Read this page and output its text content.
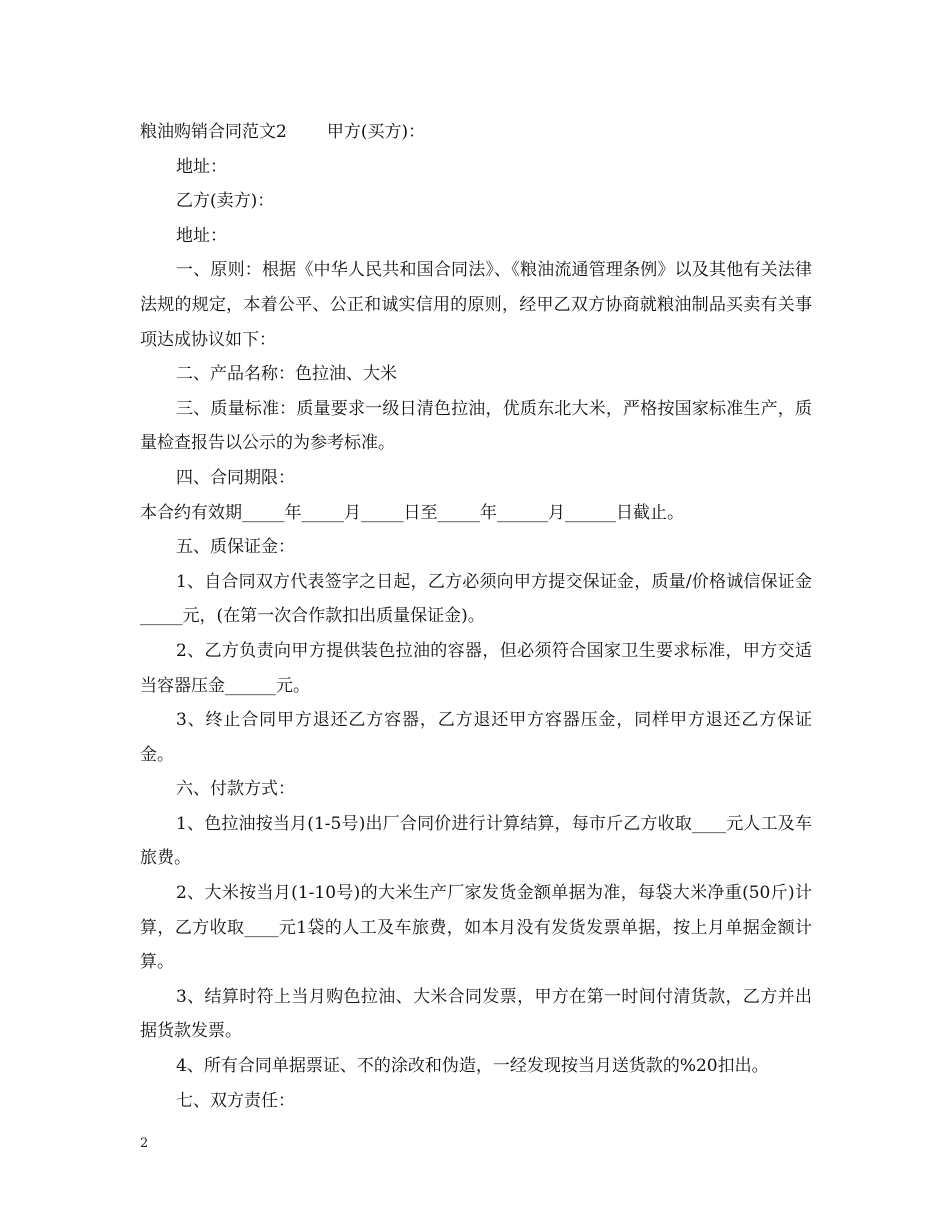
粮油购销合同范文2 甲方(买方)：

地址：

乙方(卖方)：

地址：

一、原则：根据《中华人民共和国合同法》、《粮油流通管理条例》以及其他有关法律法规的规定，本着公平、公正和诚实信用的原则，经甲乙双方协商就粮油制品买卖有关事项达成协议如下：

二、产品名称：色拉油、大米

三、质量标准：质量要求一级日清色拉油，优质东北大米，严格按国家标准生产，质量检查报告以公示的为参考标准。

四、合同期限：

本合约有效期_____年_____月_____日至_____年______月______日截止。

五、质保证金：

1、自合同双方代表签字之日起，乙方必须向甲方提交保证金，质量/价格诚信保证金_____元，(在第一次合作款扣出质量保证金)。

2、乙方负责向甲方提供装色拉油的容器，但必须符合国家卫生要求标准，甲方交适当容器压金______元。

3、终止合同甲方退还乙方容器，乙方退还甲方容器压金，同样甲方退还乙方保证金。

六、付款方式：

1、色拉油按当月(1-5号)出厂合同价进行计算结算，每市斤乙方收取____元人工及车旅费。

2、大米按当月(1-10号)的大米生产厂家发货金额单据为准，每袋大米净重(50斤)计算，乙方收取____元1袋的人工及车旅费，如本月没有发货发票单据，按上月单据金额计算。

3、结算时符上当月购色拉油、大米合同发票，甲方在第一时间付清货款，乙方并出据货款发票。

4、所有合同单据票证、不的涂改和伪造，一经发现按当月送货款的%20扣出。

七、双方责任：

2
